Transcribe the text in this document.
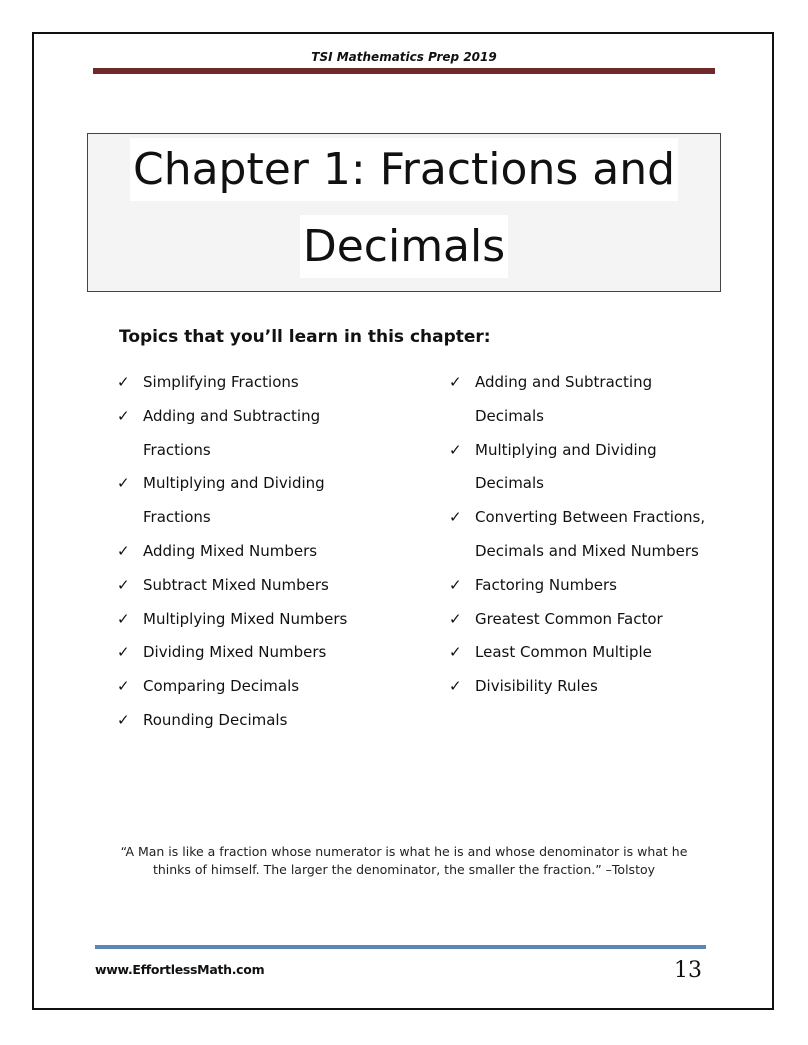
TSI Mathematics Prep 2019
Chapter 1: Fractions and
Decimals
Topics that you’ll learn in this chapter:
✓ Simplifying Fractions
✓ Adding and Subtracting
Fractions
✓ Multiplying and Dividing
Fractions
✓ Adding Mixed Numbers
✓ Subtract Mixed Numbers
✓ Multiplying Mixed Numbers
✓ Dividing Mixed Numbers
✓ Comparing Decimals
✓ Rounding Decimals
✓ Adding and Subtracting
Decimals
✓ Multiplying and Dividing
Decimals
✓ Converting Between Fractions,
Decimals and Mixed Numbers
✓ Factoring Numbers
✓ Greatest Common Factor
✓ Least Common Multiple
✓ Divisibility Rules
“A Man is like a fraction whose numerator is what he is and whose denominator is what he
thinks of himself. The larger the denominator, the smaller the fraction.” –Tolstoy
www.EffortlessMath.com	13
